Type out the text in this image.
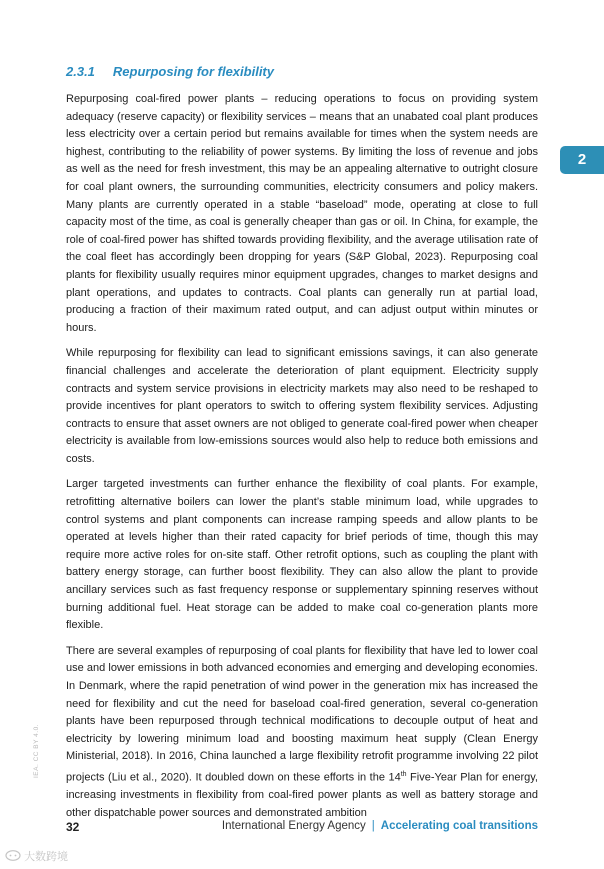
2.3.1 Repurposing for flexibility
2

Repurposing coal-fired power plants – reducing operations to focus on providing system adequacy (reserve capacity) or flexibility services – means that an unabated coal plant produces less electricity over a certain period but remains available for times when the system needs are highest, contributing to the reliability of power systems. By limiting the loss of revenue and jobs as well as the need for fresh investment, this may be an appealing alternative to outright closure for coal plant owners, the surrounding communities, electricity consumers and policy makers. Many plants are currently operated in a stable “baseload” mode, operating at close to full capacity most of the time, as coal is generally cheaper than gas or oil. In China, for example, the role of coal-fired power has shifted towards providing flexibility, and the average utilisation rate of the coal fleet has accordingly been dropping for years (S&P Global, 2023). Repurposing coal plants for flexibility usually requires minor equipment upgrades, changes to market designs and plant operations, and updates to contracts. Coal plants can generally run at partial load, producing a fraction of their maximum rated output, and can adjust output within minutes or hours.

While repurposing for flexibility can lead to significant emissions savings, it can also generate financial challenges and accelerate the deterioration of plant equipment. Electricity supply contracts and system service provisions in electricity markets may also need to be reshaped to provide incentives for plant operators to switch to offering system flexibility services. Adjusting contracts to ensure that asset owners are not obliged to generate coal-fired power when cheaper electricity is available from low-emissions sources would also help to reduce both emissions and costs.

Larger targeted investments can further enhance the flexibility of coal plants. For example, retrofitting alternative boilers can lower the plant’s stable minimum load, while upgrades to control systems and plant components can increase ramping speeds and allow plants to be operated at levels higher than their rated capacity for brief periods of time, though this may require more active roles for on-site staff. Other retrofit options, such as coupling the plant with battery energy storage, can further boost flexibility. They can also allow the plant to provide ancillary services such as fast frequency response or supplementary spinning reserves without burning additional fuel. Heat storage can be added to make coal co-generation plants more flexible.

There are several examples of repurposing of coal plants for flexibility that have led to lower coal use and lower emissions in both advanced economies and emerging and developing economies. In Denmark, where the rapid penetration of wind power in the generation mix has increased the need for flexibility and cut the need for baseload coal-fired generation, several co-generation plants have been repurposed through technical modifications to decouple output of heat and electricity by lowering minimum load and boosting maximum heat supply (Clean Energy Ministerial, 2018). In 2016, China launched a large flexibility retrofit programme involving 22 pilot projects (Liu et al., 2020). It doubled down on these efforts in the 14th Five-Year Plan for energy, increasing investments in flexibility from coal-fired power plants as well as battery storage and other dispatchable power sources and demonstrated ambition

IEA. CC BY 4.0.
32	International Energy Agency | Accelerating coal transitions
大数跨境
